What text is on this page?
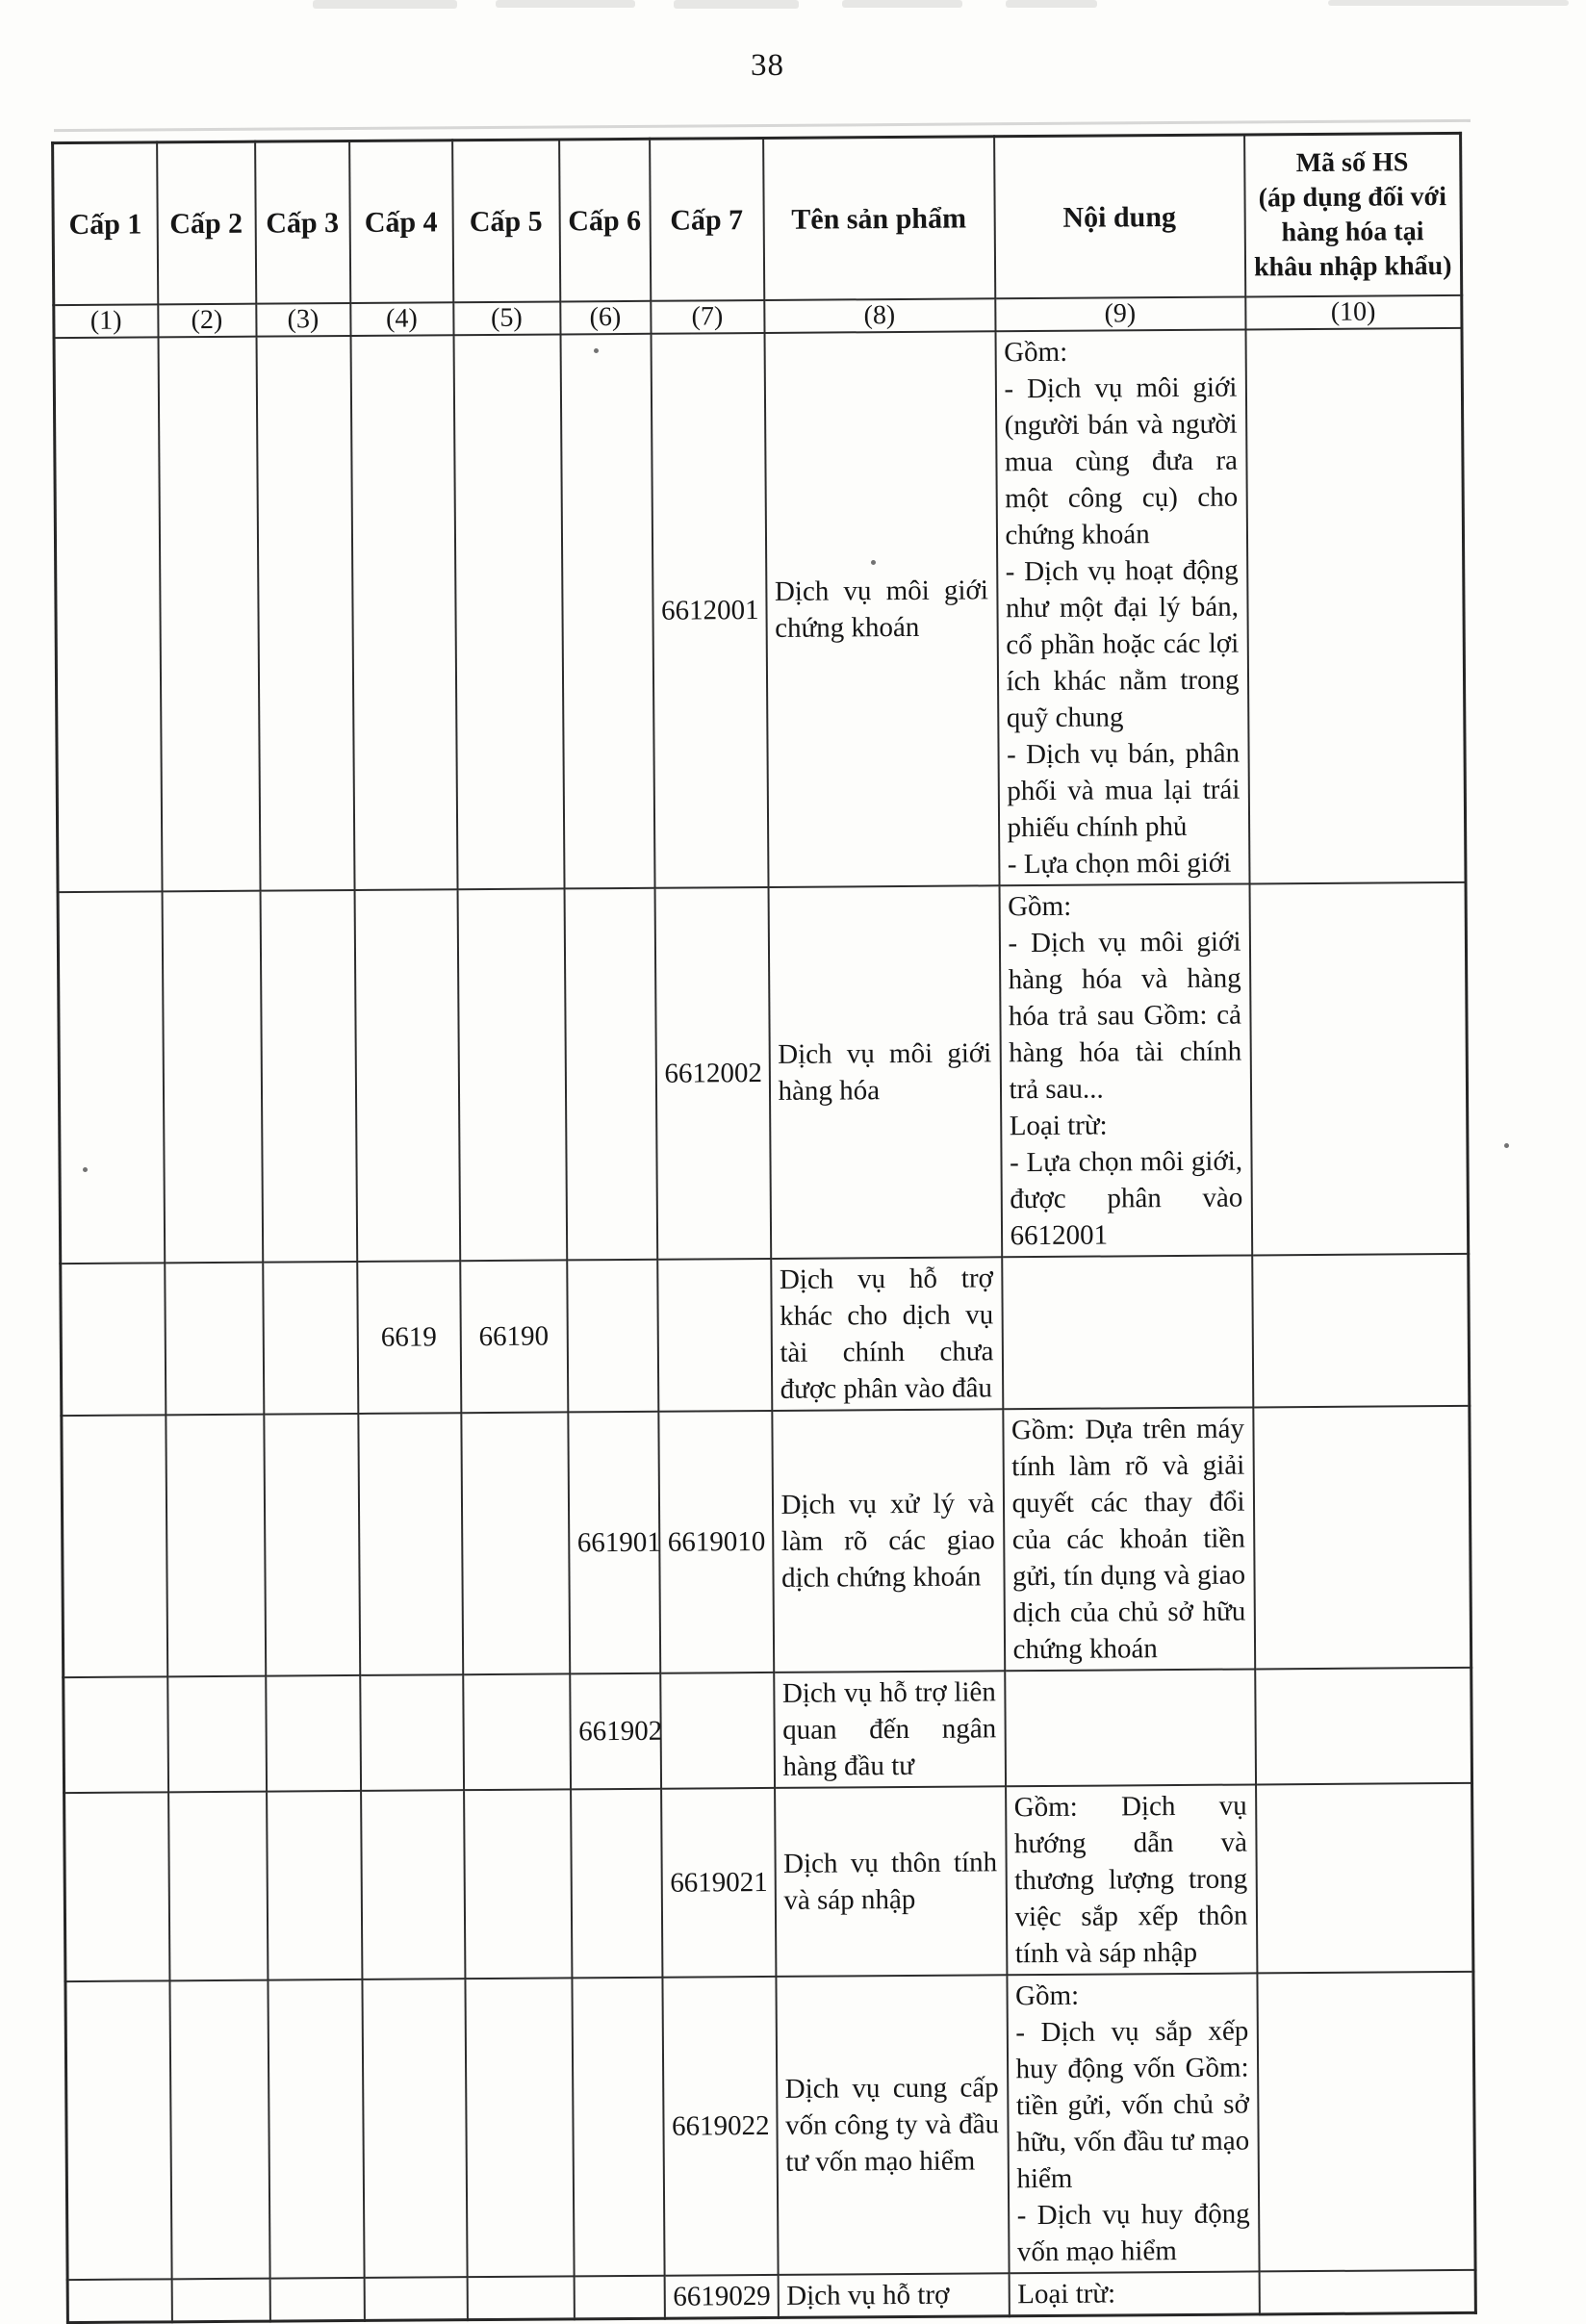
38
Cấp 1	Cấp 2	Cấp 3	Cấp 4	Cấp 5	Cấp 6	Cấp 7	Tên sản phẩm	Nội dung	Mã số HS
(áp dụng đối với hàng hóa tại khâu nhập khẩu)
(1)	(2)	(3)	(4)	(5)	(6)	(7)	(8)	(9)	(10)
						6612001	Dịch vụ môi giới chứng khoán	Gồm:
- Dịch vụ môi giới (người bán và người mua cùng đưa ra một công cụ) cho chứng khoán
- Dịch vụ hoạt động như một đại lý bán, cổ phần hoặc các lợi ích khác nằm trong quỹ chung
- Dịch vụ bán, phân phối và mua lại trái phiếu chính phủ
- Lựa chọn môi giới	

						6612002	Dịch vụ môi giới hàng hóa	Gồm:
- Dịch vụ môi giới hàng hóa và hàng hóa trả sau Gồm: cả hàng hóa tài chính trả sau...
Loại trừ:
- Lựa chọn môi giới, được phân vào 6612001	

			6619	66190			Dịch vụ hỗ trợ khác cho dịch vụ tài chính chưa được phân vào đâu		
					661901	6619010	Dịch vụ xử lý và làm rõ các giao dịch chứng khoán	Gồm: Dựa trên máy tính làm rõ và giải quyết các thay đổi của các khoản tiền gửi, tín dụng và giao dịch của chủ sở hữu chứng khoán	

					661902		Dịch vụ hỗ trợ liên quan đến ngân hàng đầu tư		
						6619021	Dịch vụ thôn tính và sáp nhập	Gồm: Dịch vụ hướng dẫn và thương lượng trong việc sắp xếp thôn tính và sáp nhập	

						6619022	Dịch vụ cung cấp vốn công ty và đầu tư vốn mạo hiểm	Gồm:
- Dịch vụ sắp xếp huy động vốn Gồm: tiền gửi, vốn chủ sở hữu, vốn đầu tư mạo hiểm
- Dịch vụ huy động vốn mạo hiểm	

						6619029	Dịch vụ hỗ trợ	Loại trừ:	
